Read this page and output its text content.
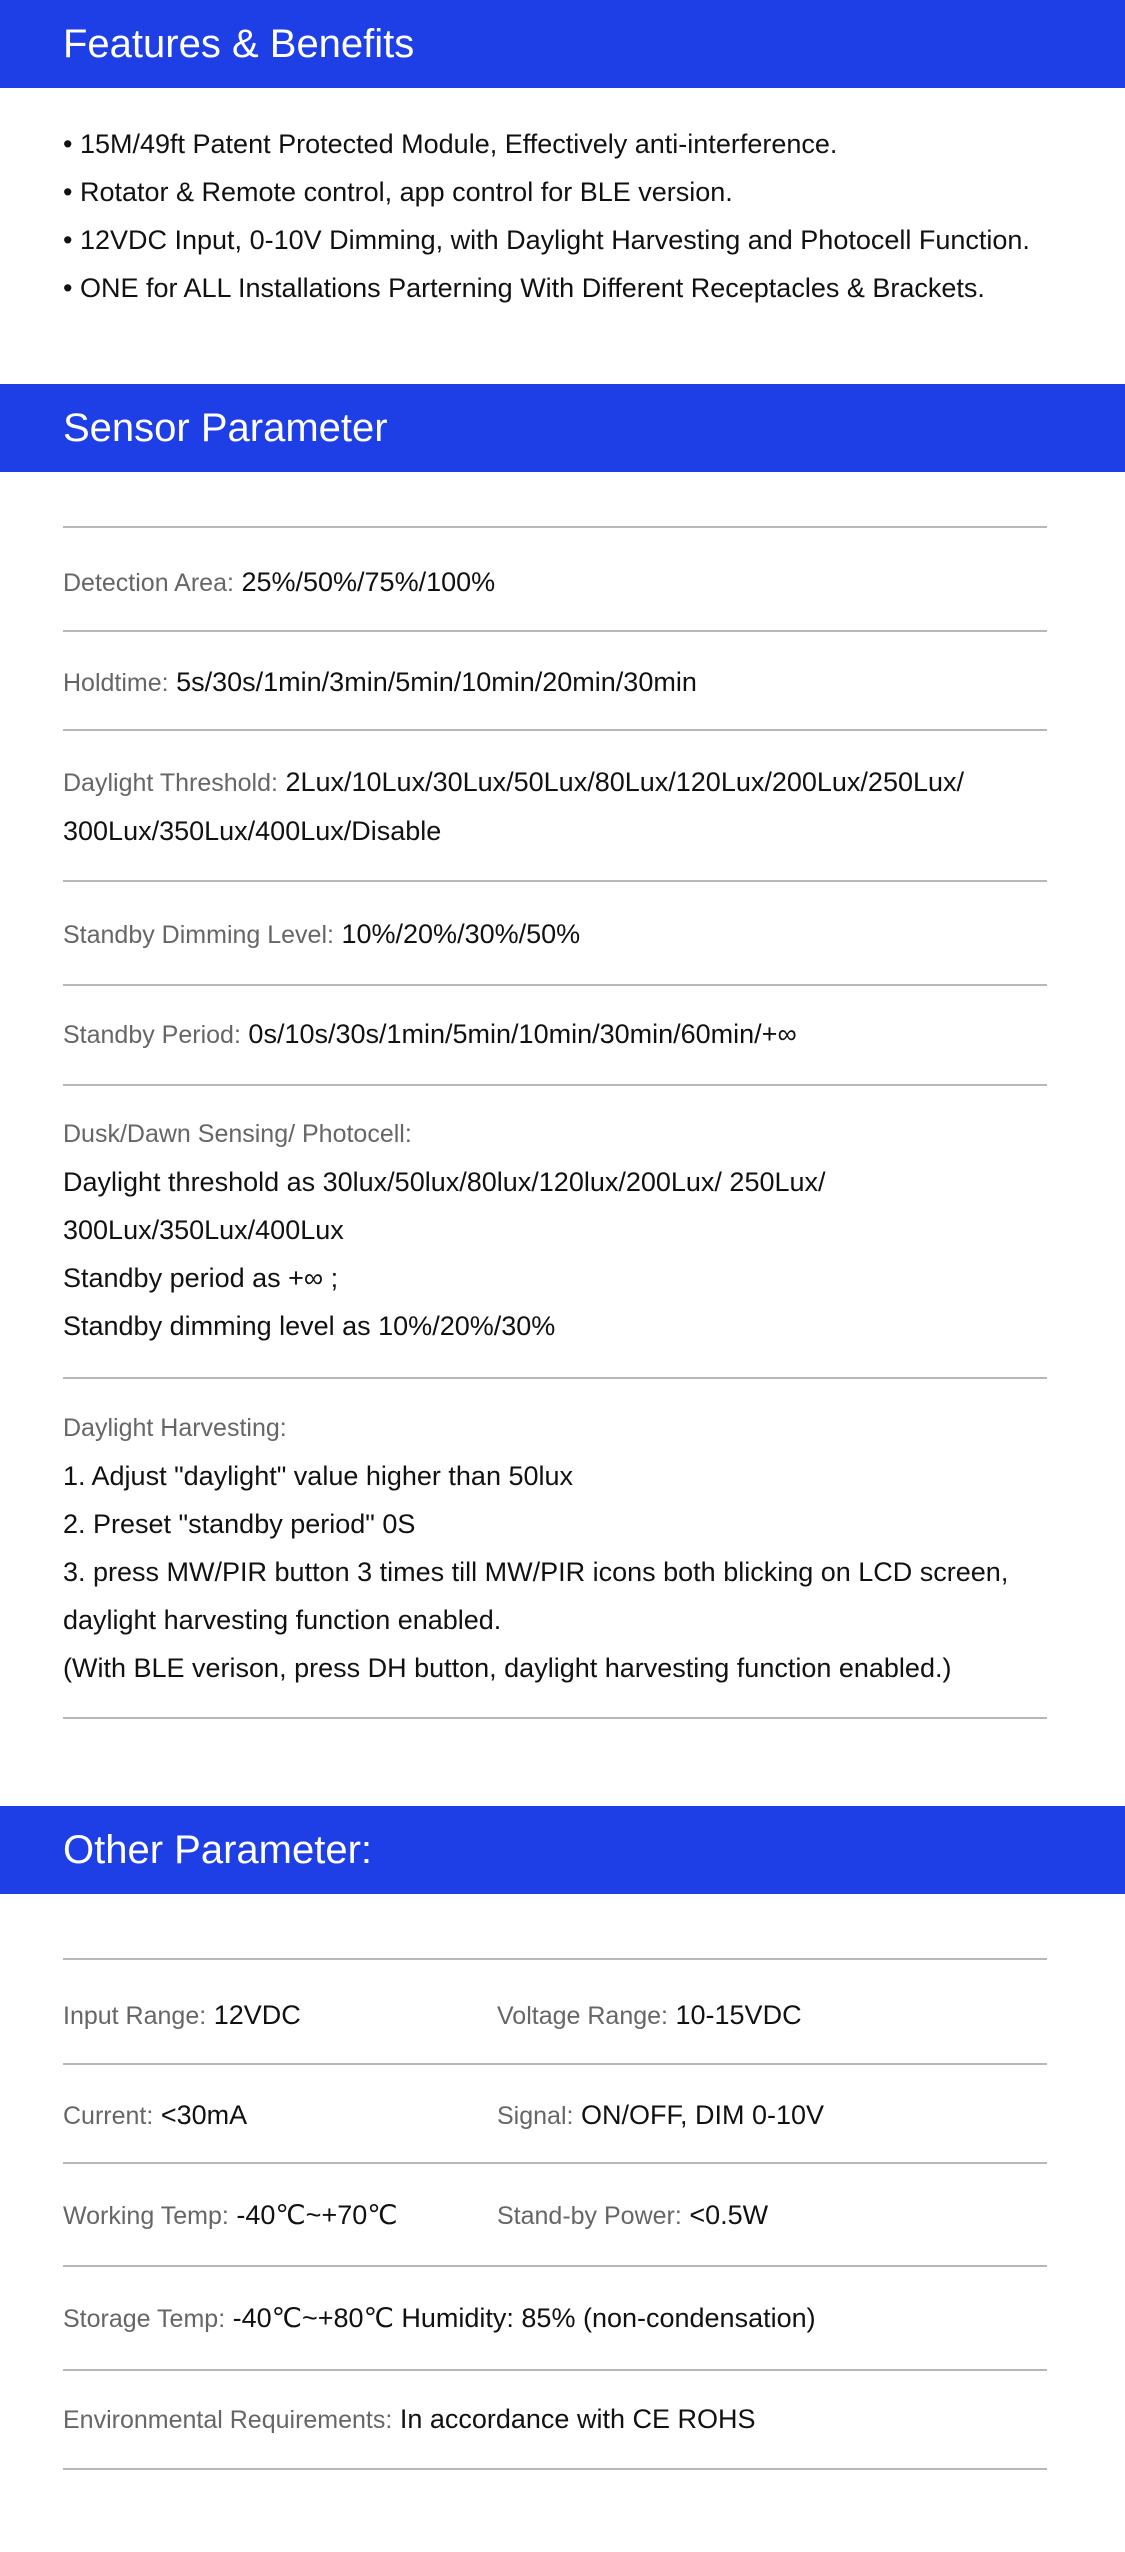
Features & Benefits
• 15M/49ft Patent Protected Module, Effectively anti-interference.
• Rotator & Remote control, app control for BLE version.
• 12VDC Input, 0-10V Dimming, with Daylight Harvesting and Photocell Function.
• ONE for ALL Installations Parterning With Different Receptacles & Brackets.
Sensor Parameter
Detection Area: 25%/50%/75%/100%
Holdtime: 5s/30s/1min/3min/5min/10min/20min/30min
Daylight Threshold: 2Lux/10Lux/30Lux/50Lux/80Lux/120Lux/200Lux/250Lux/
300Lux/350Lux/400Lux/Disable
Standby Dimming Level: 10%/20%/30%/50%
Standby Period: 0s/10s/30s/1min/5min/10min/30min/60min/+∞
Dusk/Dawn Sensing/ Photocell:
Daylight threshold as 30lux/50lux/80lux/120lux/200Lux/ 250Lux/
300Lux/350Lux/400Lux
Standby period as +∞ ;
Standby dimming level as 10%/20%/30%
Daylight Harvesting:
1. Adjust "daylight" value higher than 50lux
2. Preset "standby period" 0S
3. press MW/PIR button 3 times till MW/PIR icons both blicking on LCD screen,
daylight harvesting function enabled.
(With BLE verison, press DH button, daylight harvesting function enabled.)
Other Parameter:
Input Range: 12VDC	Voltage Range: 10-15VDC
Current: <30mA	Signal: ON/OFF, DIM 0-10V
Working Temp: -40℃~+70℃	Stand-by Power: <0.5W
Storage Temp: -40℃~+80℃ Humidity: 85% (non-condensation)
Environmental Requirements: In accordance with CE ROHS
